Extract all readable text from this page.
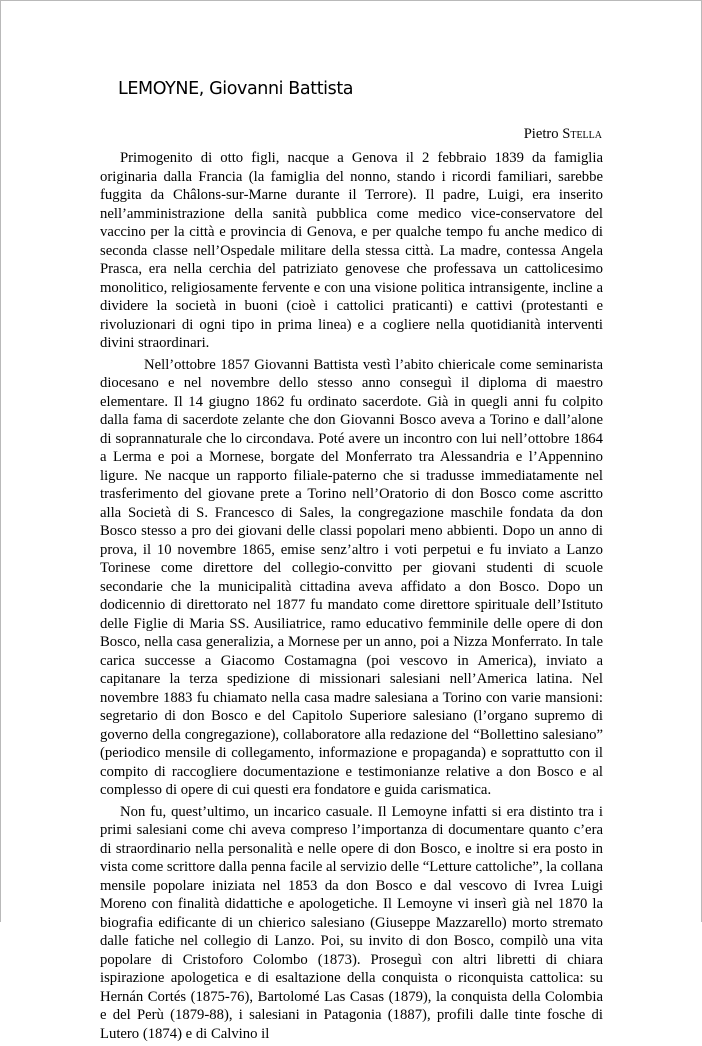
LEMOYNE, Giovanni Battista
Pietro Stella

Primogenito di otto figli, nacque a Genova il 2 febbraio 1839 da famiglia originaria dalla Francia (la famiglia del nonno, stando i ricordi familiari, sarebbe fuggita da Châlons-sur-Marne durante il Terrore). Il padre, Luigi, era inserito nell’amministrazione della sanità pubblica come medico vice-conservatore del vaccino per la città e provincia di Genova, e per qualche tempo fu anche medico di seconda classe nell’Ospedale militare della stessa città. La madre, contessa Angela Prasca, era nella cerchia del patriziato genovese che professava un cattolicesimo monolitico, religiosamente fervente e con una visione politica intransigente, incline a dividere la società in buoni (cioè i cattolici praticanti) e cattivi (protestanti e rivoluzionari di ogni tipo in prima linea) e a cogliere nella quotidianità interventi divini straordinari.

Nell’ottobre 1857 Giovanni Battista vestì l’abito chiericale come seminarista diocesano e nel novembre dello stesso anno conseguì il diploma di maestro elementare. Il 14 giugno 1862 fu ordinato sacerdote. Già in quegli anni fu colpito dalla fama di sacerdote zelante che don Giovanni Bosco aveva a Torino e dall’alone di soprannaturale che lo circondava. Poté avere un incontro con lui nell’ottobre 1864 a Lerma e poi a Mornese, borgate del Monferrato tra Alessandria e l’Appennino ligure. Ne nacque un rapporto filiale-paterno che si tradusse immediatamente nel trasferimento del giovane prete a Torino nell’Oratorio di don Bosco come ascritto alla Società di S. Francesco di Sales, la congregazione maschile fondata da don Bosco stesso a pro dei giovani delle classi popolari meno abbienti. Dopo un anno di prova, il 10 novembre 1865, emise senz’altro i voti perpetui e fu inviato a Lanzo Torinese come direttore del collegio-convitto per giovani studenti di scuole secondarie che la municipalità cittadina aveva affidato a don Bosco. Dopo un dodicennio di direttorato nel 1877 fu mandato come direttore spirituale dell’Istituto delle Figlie di Maria SS. Ausiliatrice, ramo educativo femminile delle opere di don Bosco, nella casa generalizia, a Mornese per un anno, poi a Nizza Monferrato. In tale carica successe a Giacomo Costamagna (poi vescovo in America), inviato a capitanare la terza spedizione di missionari salesiani nell’America latina. Nel novembre 1883 fu chiamato nella casa madre salesiana a Torino con varie mansioni: segretario di don Bosco e del Capitolo Superiore salesiano (l’organo supremo di governo della congregazione), collaboratore alla redazione del “Bollettino salesiano” (periodico mensile di collegamento, informazione e propaganda) e soprattutto con il compito di raccogliere documentazione e testimonianze relative a don Bosco e al complesso di opere di cui questi era fondatore e guida carismatica.

Non fu, quest’ultimo, un incarico casuale. Il Lemoyne infatti si era distinto tra i primi salesiani come chi aveva compreso l’importanza di documentare quanto c’era di straordinario nella personalità e nelle opere di don Bosco, e inoltre si era posto in vista come scrittore dalla penna facile al servizio delle “Letture cattoliche”, la collana mensile popolare iniziata nel 1853 da don Bosco e dal vescovo di Ivrea Luigi Moreno con finalità didattiche e apologetiche. Il Lemoyne vi inserì già nel 1870 la biografia edificante di un chierico salesiano (Giuseppe Mazzarello) morto stremato dalle fatiche nel collegio di Lanzo. Poi, su invito di don Bosco, compilò una vita popolare di Cristoforo Colombo (1873). Proseguì con altri libretti di chiara ispirazione apologetica e di esaltazione della conquista o riconquista cattolica: su Hernán Cortés (1875-76), Bartolomé Las Casas (1879), la conquista della Colombia e del Perù (1879-88), i salesiani in Patagonia (1887), profili dalle tinte fosche di Lutero (1874) e di Calvino il
